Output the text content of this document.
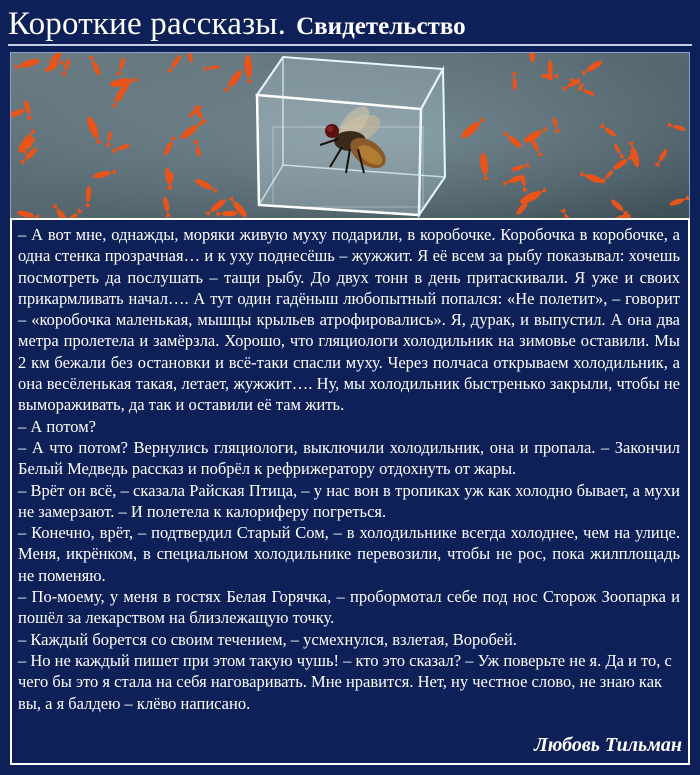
Короткие рассказы. Свидетельство

– А вот мне, однажды, моряки живую муху подарили, в коробочке. Коробочка в коробочке, а одна стенка прозрачная… и к уху поднесёшь – жужжит. Я её всем за рыбу показывал: хочешь посмотреть да послушать – тащи рыбу. До двух тонн в день притаскивали. Я уже и своих прикармливать начал…. А тут один гадёныш любопытный попался: «Не полетит», – говорит – «коробочка маленькая, мышцы крыльев атрофировались». Я, дурак, и выпустил. А она два метра пролетела и замёрзла. Хорошо, что гляциологи холодильник на зимовье оставили. Мы 2 км бежали без остановки и всё-таки спасли муху. Через полчаса открываем холодильник, а она весёленькая такая, летает, жужжит…. Ну, мы холодильник быстренько закрыли, чтобы не вымораживать, да так и оставили её там жить.

– А потом?

– А что потом? Вернулись гляциологи, выключили холодильник, она и пропала. – Закончил Белый Медведь рассказ и побрёл к рефрижератору отдохнуть от жары.

– Врёт он всё, – сказала Райская Птица, – у нас вон в тропиках уж как холодно бывает, а мухи не замерзают. – И полетела к калориферу погреться.

– Конечно, врёт, – подтвердил Старый Сом, – в холодильнике всегда холоднее, чем на улице. Меня, икрёнком, в специальном холодильнике перевозили, чтобы не рос, пока жилплощадь не поменяю.

– По-моему, у меня в гостях Белая Горячка, – пробормотал себе под нос Сторож Зоопарка и пошёл за лекарством на близлежащую точку.

– Каждый борется со своим течением, – усмехнулся, взлетая, Воробей.

– Но не каждый пишет при этом такую чушь! – кто это сказал? – Уж поверьте не я. Да и то, с чего бы это я стала на себя наговаривать. Мне нравится. Нет, ну честное слово, не знаю как вы, а я балдею – клёво написано.

Любовь Тильман
